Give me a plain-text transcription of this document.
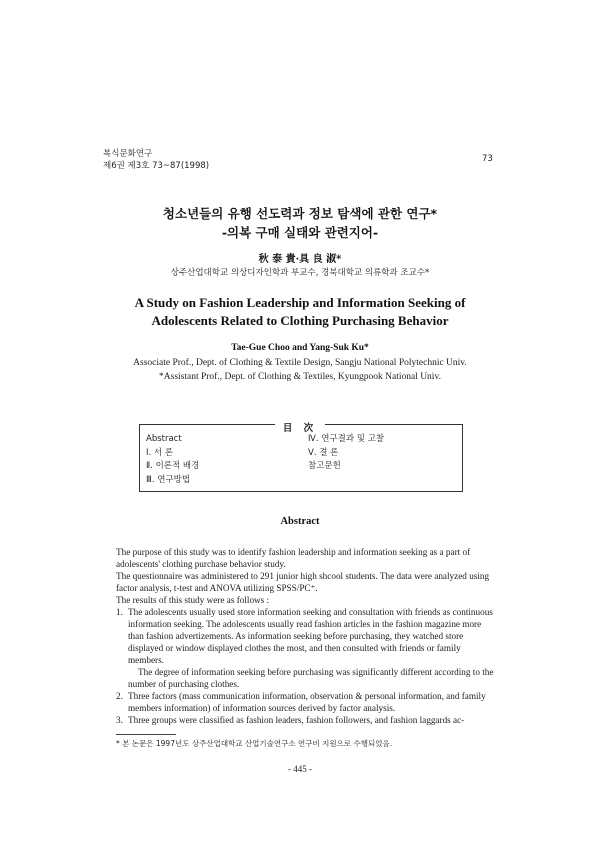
복식문화연구
제6권 제3호 73~87(1998)
73
청소년들의 유행 선도력과 정보 탐색에 관한 연구*
-의복 구매 실태와 관련지어-
秋 泰 貴·具 良 淑*
상주산업대학교 의상디자인학과 부교수, 경북대학교 의류학과 조교수*
A Study on Fashion Leadership and Information Seeking of
Adolescents Related to Clothing Purchasing Behavior
Tae-Gue Choo and Yang-Suk Ku*
Associate Prof., Dept. of Clothing & Textile Design, Sangju National Polytechnic Univ.
*Assistant Prof., Dept. of Clothing & Textiles, Kyungpook National Univ.
Abstract
Ⅰ. 서 론
Ⅱ. 이론적 배경
Ⅲ. 연구방법
Ⅳ. 연구결과 및 고찰
Ⅴ. 결 론
참고문헌
目 次
Abstract

The purpose of this study was to identify fashion leadership and information seeking as a part of adolescents' clothing purchase behavior study.

The questionnaire was administered to 291 junior high shcool students. The data were analyzed using factor analysis, t-test and ANOVA utilizing SPSS/PC⁺.

The results of this study were as follows :

1. The adolescents usually used store information seeking and consultation with friends as continuous information seeking. The adolescents usually read fashion articles in the fashion magazine more than fashion advertizements. As information seeking before purchasing, they watched store displayed or window displayed clothes the most, and then consulted with friends or family members.
The degree of information seeking before purchasing was significantly different according to the number of purchasing clothes.
2. Three factors (mass communication information, observation & personal information, and family members information) of information sources derived by factor analysis.
3. Three groups were classified as fashion leaders, fashion followers, and fashion laggards ac-
* 본 논문은 1997년도 상주산업대학교 산업기술연구소 연구비 지원으로 수행되었음.
- 445 -
